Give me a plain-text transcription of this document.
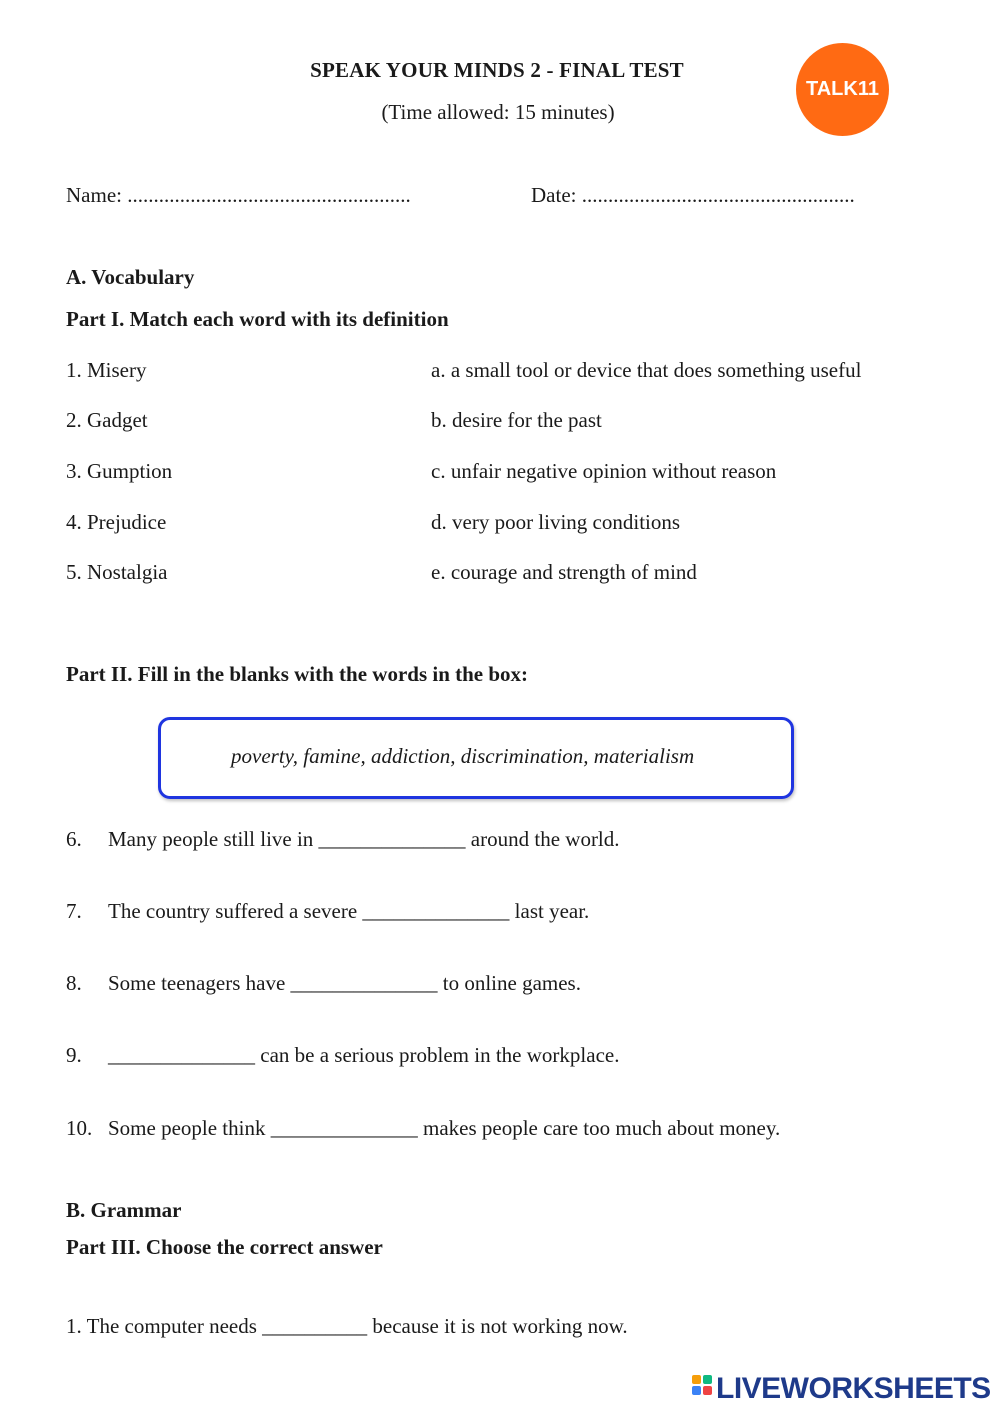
SPEAK YOUR MINDS 2 - FINAL TEST
(Time allowed: 15 minutes)
TALK11
Name: ......................................................	Date: ....................................................
A. Vocabulary
Part I. Match each word with its definition
1. Misery
2. Gadget
3. Gumption
4. Prejudice
5. Nostalgia
a. a small tool or device that does something useful
b. desire for the past
c. unfair negative opinion without reason
d. very poor living conditions
e. courage and strength of mind
Part II. Fill in the blanks with the words in the box:
poverty, famine, addiction, discrimination, materialism
6. Many people still live in ______________ around the world.
7. The country suffered a severe ______________ last year.
8. Some teenagers have ______________ to online games.
9. ______________ can be a serious problem in the workplace.
10. Some people think ______________ makes people care too much about money.
B. Grammar
Part III. Choose the correct answer
1. The computer needs __________ because it is not working now.
LIVEWORKSHEETS
